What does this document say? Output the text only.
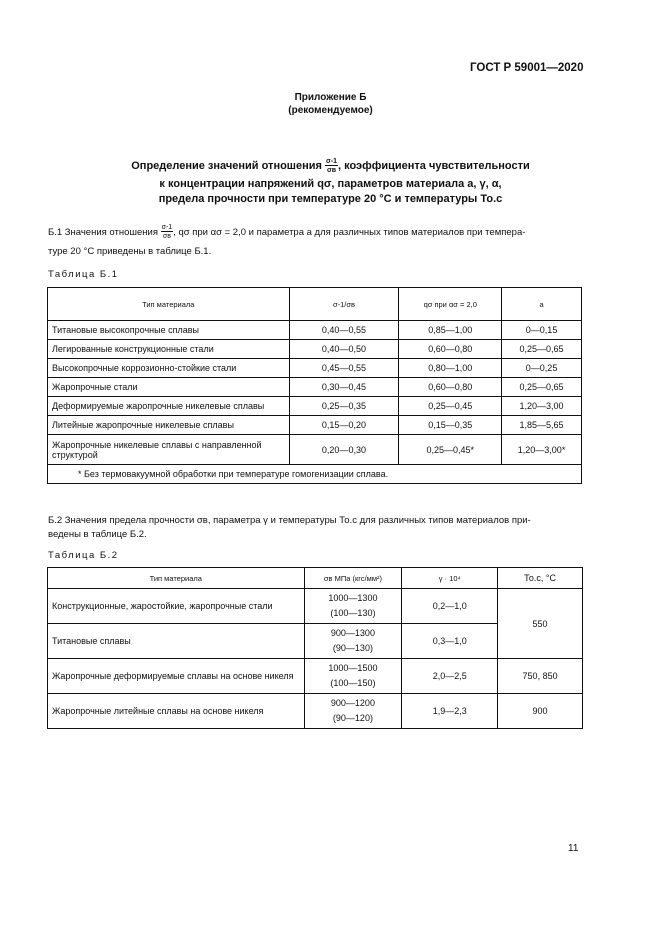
ГОСТ Р 59001—2020
Приложение Б
(рекомендуемое)
Определение значений отношения $\frac{\sigma-1}{\sigma в}$ , коэффициента чувствительности
к концентрации напряжений qσ, параметров материала a, γ, α,
предела прочности при температуре 20 °С и температуры То.с
Б.1 Значения отношения $\frac{\sigma-1}{\sigma в}$ , qσ при ασ = 2,0 и параметра a для различных типов материалов при темпера-
туре 20 °С приведены в таблице Б.1.
Таблица Б.1
Тип материала	σ-1/σв	qσ при ασ = 2,0	a
Титановые высокопрочные сплавы	0,40—0,55	0,85—1,00	0—0,15
Легированные конструкционные стали	0,40—0,50	0,60—0,80	0,25—0,65
Высокопрочные коррозионно-стойкие стали	0,45—0,55	0,80—1,00	0—0,25
Жаропрочные стали	0,30—0,45	0,60—0,80	0,25—0,65
Деформируемые жаропрочные никелевые сплавы	0,25—0,35	0,25—0,45	1,20—3,00
Литейные жаропрочные никелевые сплавы	0,15—0,20	0,15—0,35	1,85—5,65
Жаропрочные никелевые сплавы с направленной структурой	0,20—0,30	0,25—0,45*	1,20—3,00*
* Без термовакуумной обработки при температуре гомогенизации сплава.			
Б.2 Значения предела прочности σв, параметра γ и температуры То.с для различных типов материалов при-
ведены в таблице Б.2.
Таблица Б.2
Тип материала	σв МПа (кгс/мм²)	γ · 10⁴	То.с, °С
Конструкционные, жаростойкие, жаропрочные стали	1000—1300
(100—130)	0,2—1,0	550
Титановые сплавы	900—1300
(90—130)	0,3—1,0	
Жаропрочные деформируемые сплавы на основе никеля	1000—1500
(100—150)	2,0—2,5	750, 850
Жаропрочные литейные сплавы на основе никеля	900—1200
(90—120)	1,9—2,3	900
11
